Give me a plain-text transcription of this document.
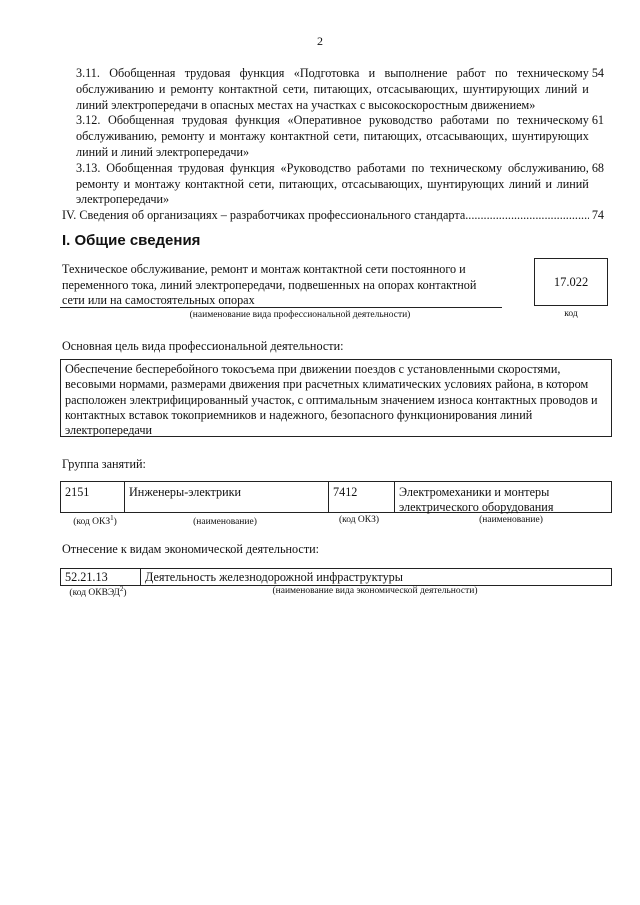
2
3.11. Обобщенная трудовая функция «Подготовка и выполнение работ по техническому обслуживанию и ремонту контактной сети, питающих, отсасывающих, шунтирующих линий и линий электропередачи в опасных местах на участках с высокоскоростным движением»
54
3.12. Обобщенная трудовая функция «Оперативное руководство работами по техническому обслуживанию, ремонту и монтажу контактной сети, питающих, отсасывающих, шунтирующих линий и линий электропередачи»
61
3.13. Обобщенная трудовая функция «Руководство работами по техническому обслуживанию, ремонту и монтажу контактной сети, питающих, отсасывающих, шунтирующих линий и линий электропередачи»
68
IV. Сведения об организациях – разработчиках профессионального стандарта
.....	74
I. Общие сведения
Техническое обслуживание, ремонт и монтаж контактной сети постоянного и переменного тока, линий электропередачи, подвешенных на опорах контактной сети или на самостоятельных опорах
(наименование вида профессиональной деятельности)
17.022
код
Основная цель вида профессиональной деятельности:
Обеспечение бесперебойного токосъема при движении поездов с установленными скоростями, весовыми нормами, размерами движения при расчетных климатических условиях района, в котором расположен электрифицированный участок, с оптимальным значением износа контактных проводов и контактных вставок токоприемников и надежного, безопасного функционирования линий электропередачи
Группа занятий:
2151	Инженеры-электрики	7412	Электромеханики и монтеры электрического оборудования
(код ОКЗ$^1$)	(наименование)	(код ОКЗ)	(наименование)
Отнесение к видам экономической деятельности:
52.21.13	Деятельность железнодорожной инфраструктуры
(код ОКВЭД$^2$)	(наименование вида экономической деятельности)
